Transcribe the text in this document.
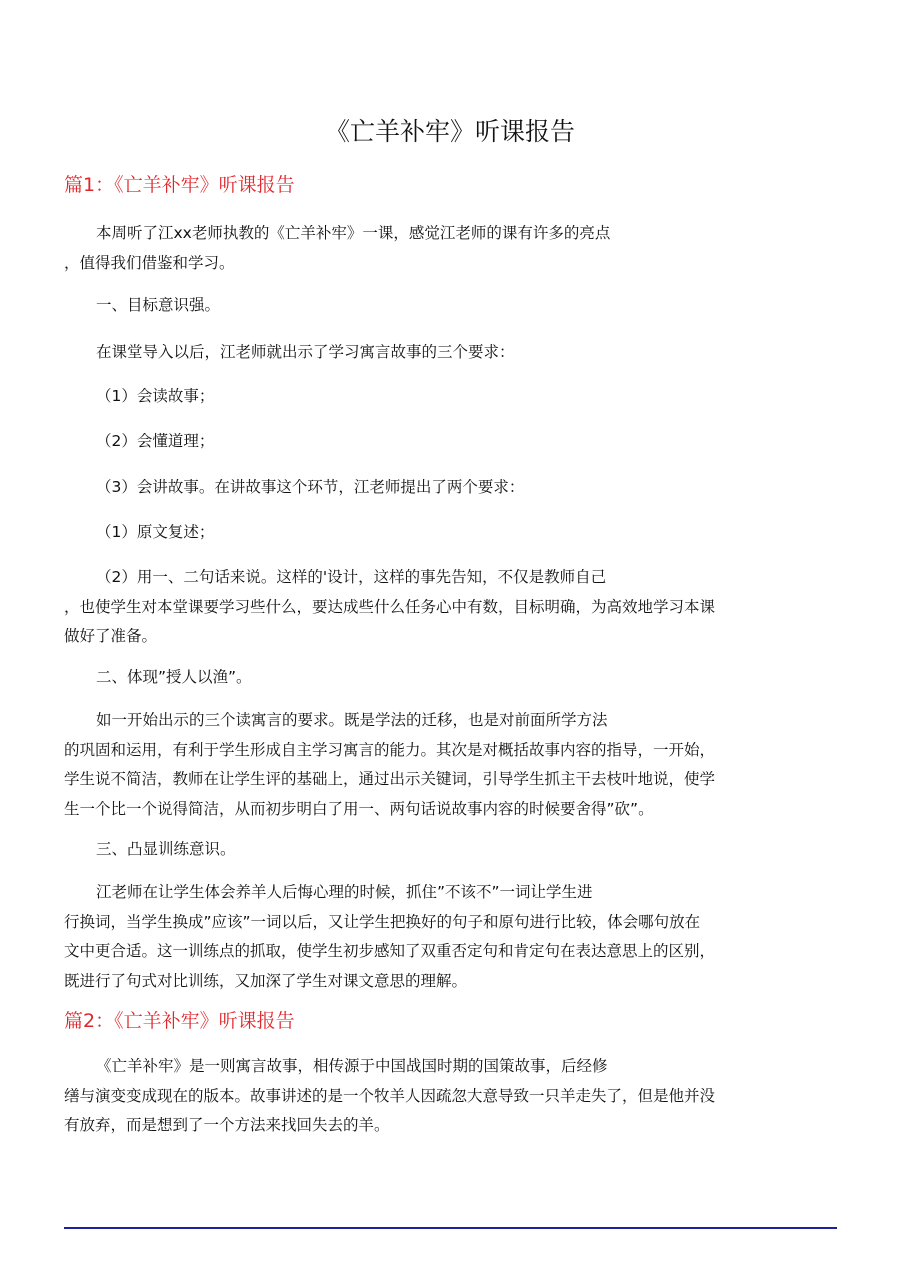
《亡羊补牢》听课报告
篇1：《亡羊补牢》听课报告

本周听了江xx老师执教的《亡羊补牢》一课，感觉江老师的课有许多的亮点
，值得我们借鉴和学习。

一、目标意识强。

在课堂导入以后，江老师就出示了学习寓言故事的三个要求：

（1）会读故事；

（2）会懂道理；

（3）会讲故事。在讲故事这个环节，江老师提出了两个要求：

（1）原文复述；

（2）用一、二句话来说。这样的'设计，这样的事先告知，不仅是教师自己
，也使学生对本堂课要学习些什么，要达成些什么任务心中有数，目标明确，为高效地学习本课
做好了准备。

二、体现”授人以渔”。

如一开始出示的三个读寓言的要求。既是学法的迁移，也是对前面所学方法
的巩固和运用，有利于学生形成自主学习寓言的能力。其次是对概括故事内容的指导，一开始，
学生说不简洁，教师在让学生评的基础上，通过出示关键词，引导学生抓主干去枝叶地说，使学
生一个比一个说得简洁，从而初步明白了用一、两句话说故事内容的时候要舍得”砍”。

三、凸显训练意识。

江老师在让学生体会养羊人后悔心理的时候，抓住”不该不”一词让学生进
行换词，当学生换成”应该”一词以后，又让学生把换好的句子和原句进行比较，体会哪句放在
文中更合适。这一训练点的抓取，使学生初步感知了双重否定句和肯定句在表达意思上的区别，
既进行了句式对比训练，又加深了学生对课文意思的理解。

篇2：《亡羊补牢》听课报告

《亡羊补牢》是一则寓言故事，相传源于中国战国时期的国策故事，后经修
缮与演变变成现在的版本。故事讲述的是一个牧羊人因疏忽大意导致一只羊走失了，但是他并没
有放弃，而是想到了一个方法来找回失去的羊。
